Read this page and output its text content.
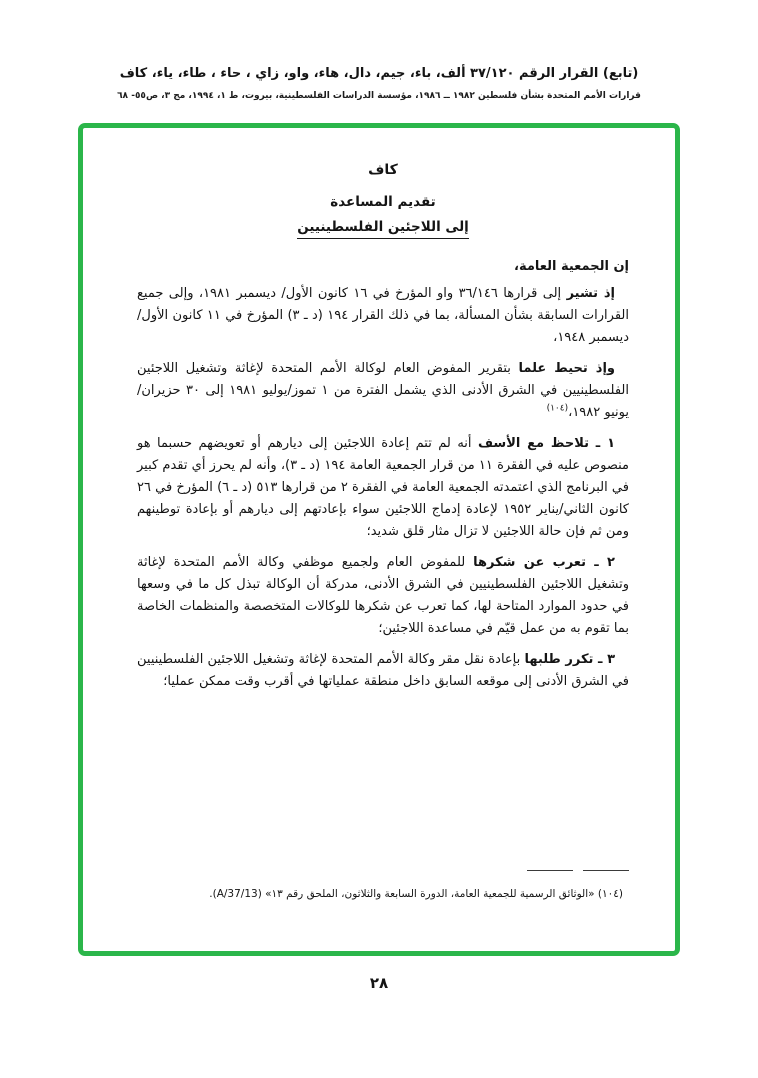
(تابع) القرار الرقم ٣٧/١٢٠ ألف، باء، جيم، دال، هاء، واو، زاي ، حاء ، طاء، ياء، كاف
قرارات الأمم المتحدة بشأن فلسطين ١٩٨٢ ــ ١٩٨٦، مؤسسة الدراسات الفلسطينية، بيروت، ط ١، ١٩٩٤، مج ٣، ص٥٥- ٦٨
كاف
تقديم المساعدة
إلى اللاجئين الفلسطينيين

إن الجمعية العامة،

إذ تشير إلى قرارها ٣٦/١٤٦ واو المؤرخ في ١٦ كانون الأول/ ديسمبر ١٩٨١، وإلى جميع القرارات السابقة بشأن المسألة، بما في ذلك القرار ١٩٤ (د ـ ٣) المؤرخ في ١١ كانون الأول/ديسمبر ١٩٤٨،

وإذ تحيط علما بتقرير المفوض العام لوكالة الأمم المتحدة لإغاثة وتشغيل اللاجئين الفلسطينيين في الشرق الأدنى الذي يشمل الفترة من ١ تموز/يوليو ١٩٨١ إلى ٣٠ حزيران/يونيو ١٩٨٢،$^{(١٠٤)}$

١ ـ تلاحظ مع الأسف أنه لم تتم إعادة اللاجئين إلى ديارهم أو تعويضهم حسبما هو منصوص عليه في الفقرة ١١ من قرار الجمعية العامة ١٩٤ (د ـ ٣)، وأنه لم يحرز أي تقدم كبير في البرنامج الذي اعتمدته الجمعية العامة في الفقرة ٢ من قرارها ٥١٣ (د ـ ٦) المؤرخ في ٢٦ كانون الثاني/يناير ١٩٥٢ لإعادة إدماج اللاجئين سواء بإعادتهم إلى ديارهم أو بإعادة توطينهم ومن ثم فإن حالة اللاجئين لا تزال مثار قلق شديد؛

٢ ـ تعرب عن شكرها للمفوض العام ولجميع موظفي وكالة الأمم المتحدة لإغاثة وتشغيل اللاجئين الفلسطينيين في الشرق الأدنى، مدركة أن الوكالة تبذل كل ما في وسعها في حدود الموارد المتاحة لها، كما تعرب عن شكرها للوكالات المتخصصة والمنظمات الخاصة بما تقوم به من عمل قيّم في مساعدة اللاجئين؛

٣ ـ تكرر طلبها بإعادة نقل مقر وكالة الأمم المتحدة لإغاثة وتشغيل اللاجئين الفلسطينيين في الشرق الأدنى إلى موقعه السابق داخل منطقة عملياتها في أقرب وقت ممكن عمليا؛

(١٠٤) «الوثائق الرسمية للجمعية العامة، الدورة السابعة والثلاثون، الملحق رقم ١٣» (A/37/13).

٢٨
